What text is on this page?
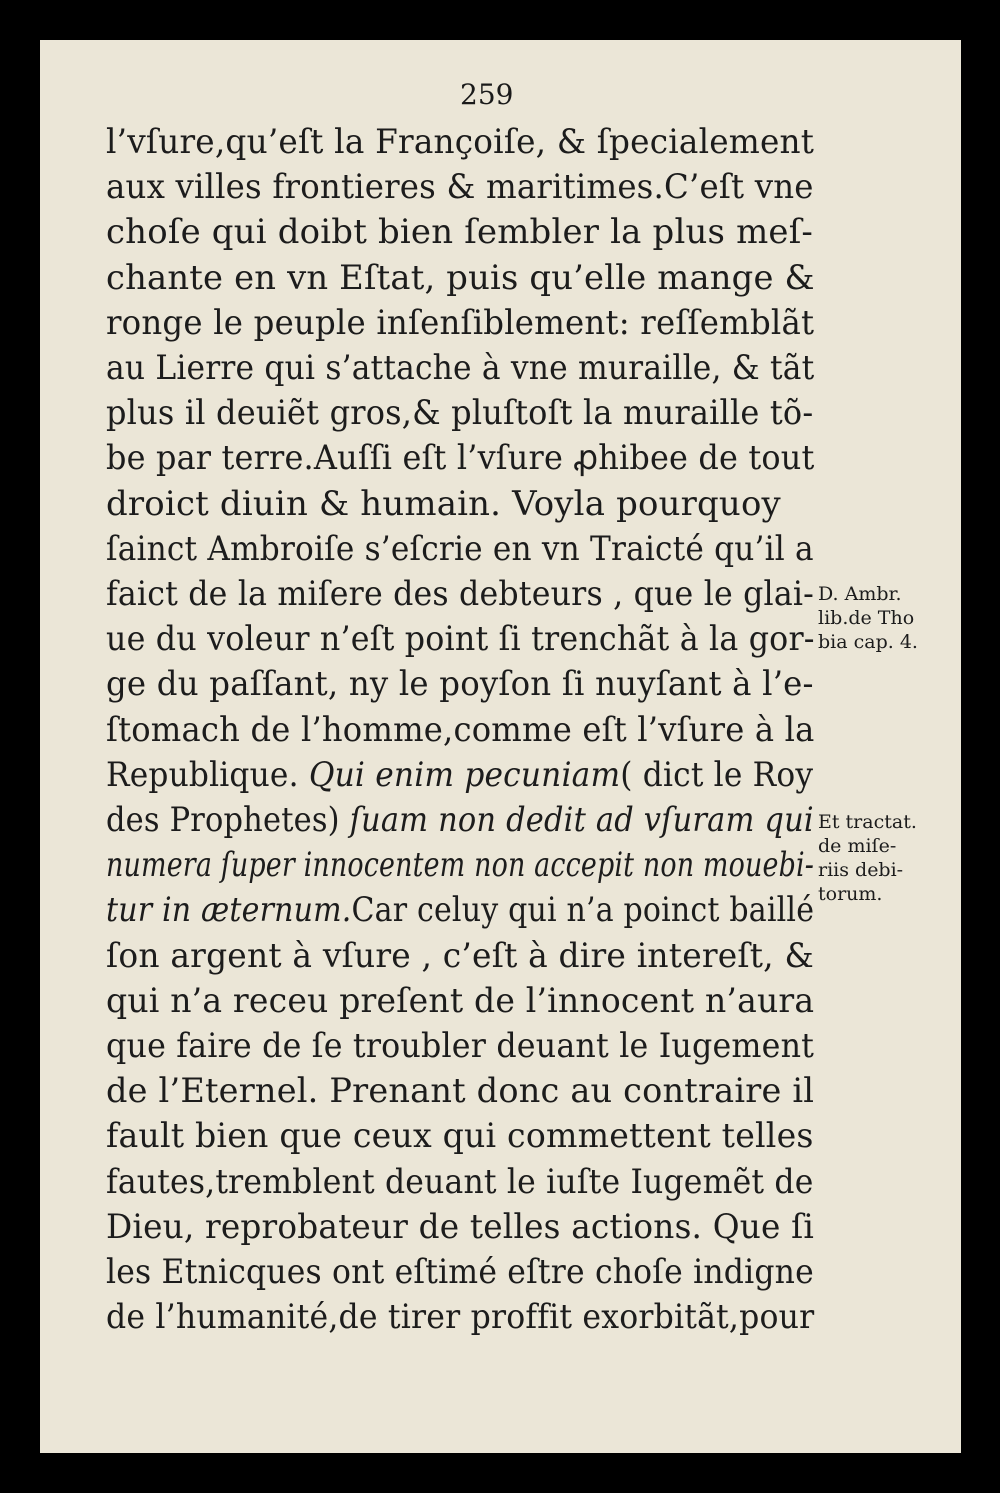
259
l’vſure,qu’eſt la Françoiſe, & ſpecialement
aux villes frontieres & maritimes.C’eſt vne
choſe qui doibt bien ſembler la plus meſ-
chante en vn Eſtat, puis qu’elle mange &
ronge le peuple inſenſiblement: reſſemblãt
au Lierre qui s’attache à vne muraille, & tãt
plus il deuiẽt gros,& pluſtoſt la muraille tõ-
be par terre.Auſſi eſt l’vſure ꝓhibee de tout
droict diuin & humain. Voyla pourquoy
ſainct Ambroiſe s’eſcrie en vn Traicté qu’il a
faict de la miſere des debteurs , que le glai-
ue du voleur n’eſt point ſi trenchãt à la gor-
ge du paſſant, ny le poyſon ſi nuyſant à l’e-
ſtomach de l’homme,comme eſt l’vſure à la
Republique. Qui enim pecuniam( dict le Roy
des Prophetes) ſuam non dedit ad vſuram qui
numera ſuper innocentem non accepit non mouebi-
tur in æternum.Car celuy qui n’a poinct baillé
ſon argent à vſure , c’eſt à dire intereſt, &
qui n’a receu preſent de l’innocent n’aura
que faire de ſe troubler deuant le Iugement
de l’Eternel. Prenant donc au contraire il
fault bien que ceux qui commettent telles
fautes,tremblent deuant le iuſte Iugemẽt de
Dieu, reprobateur de telles actions. Que ſi
les Etnicques ont eſtimé eſtre choſe indigne
de l’humanité,de tirer proffit exorbitãt,pour
D. Ambr.
lib.de Tho
bia cap. 4.
Et tractat.
de miſe-
riis debi-
torum.
